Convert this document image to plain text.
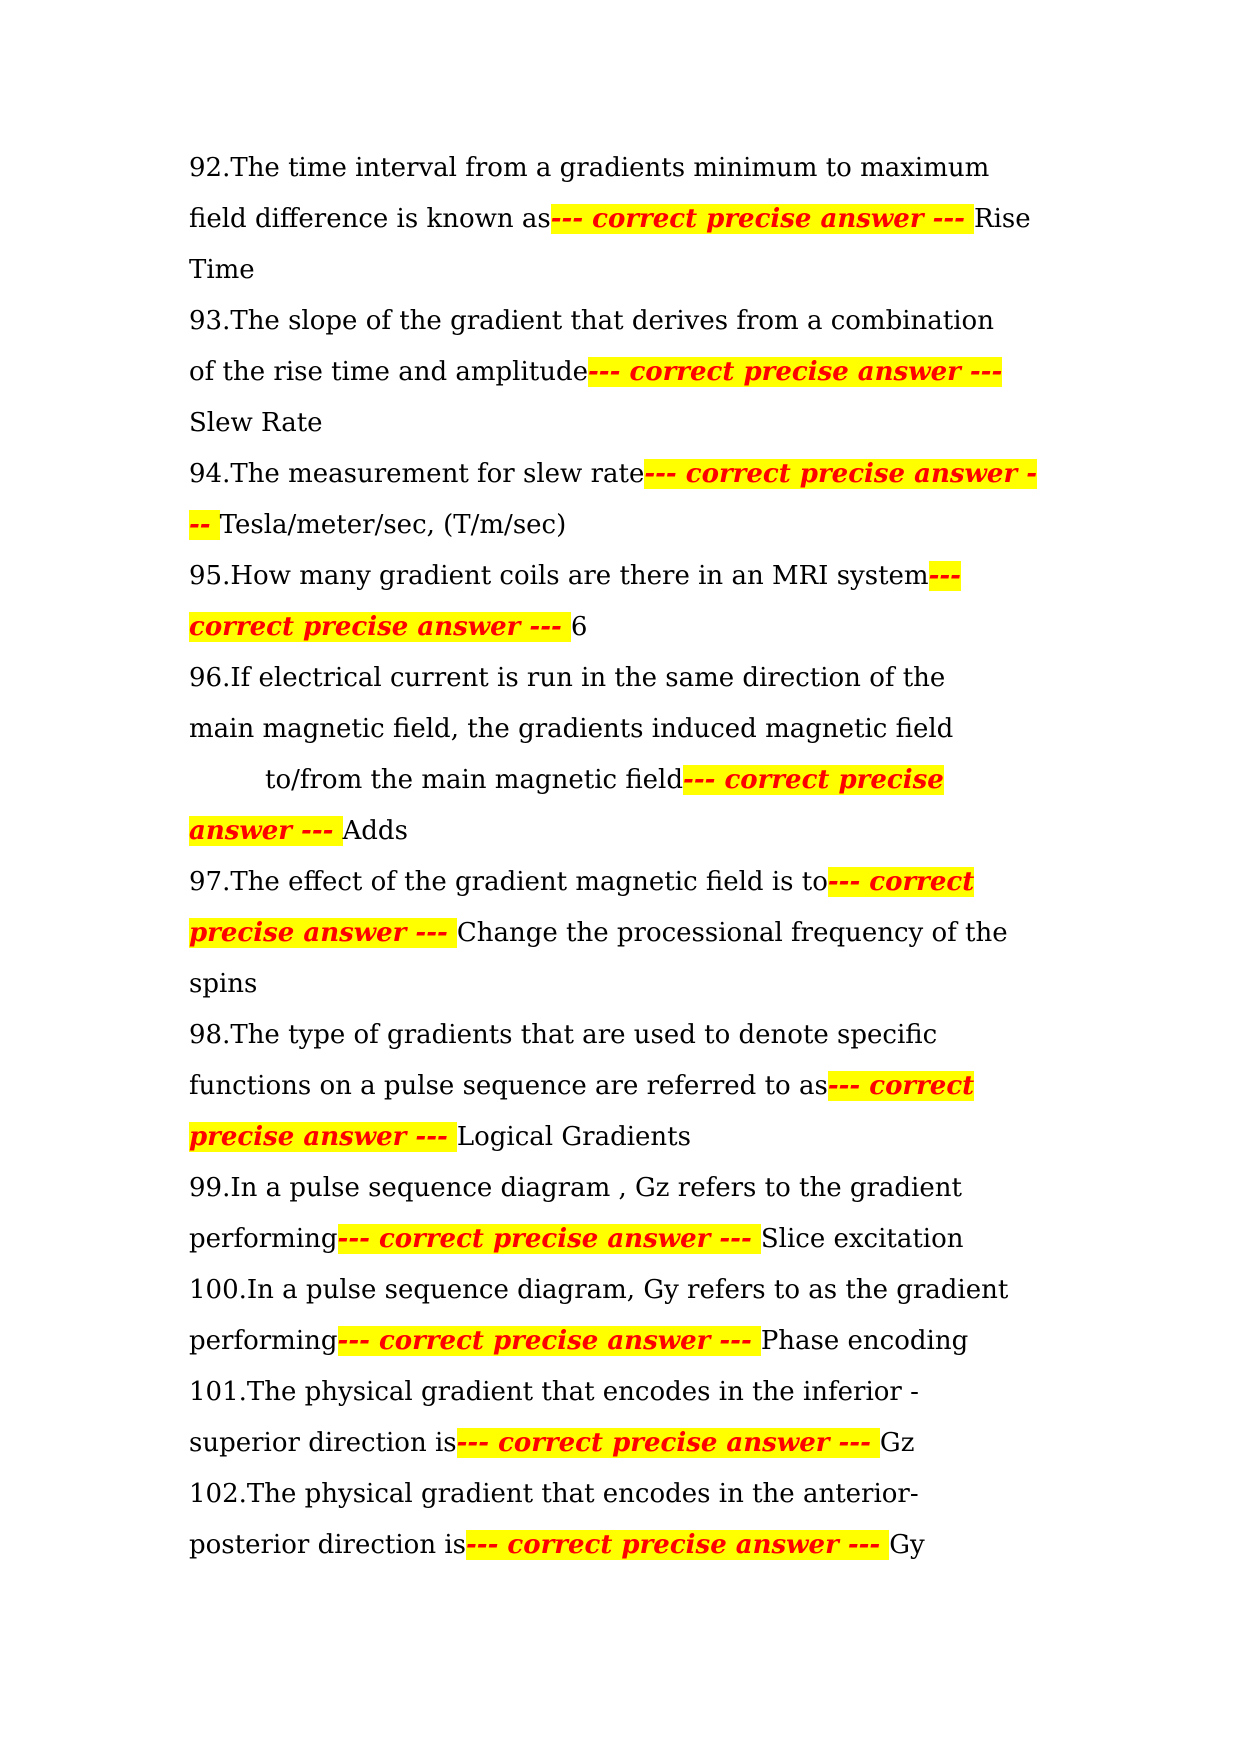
92.The time interval from a gradients minimum to maximum
field difference is known as--- correct precise answer --- Rise
Time
93.The slope of the gradient that derives from a combination
of the rise time and amplitude--- correct precise answer ---
Slew Rate
94.The measurement for slew rate--- correct precise answer -
-- Tesla/meter/sec, (T/m/sec)
95.How many gradient coils are there in an MRI system---
correct precise answer --- 6
96.If electrical current is run in the same direction of the
main magnetic field, the gradients induced magnetic field
to/from the main magnetic field--- correct precise
answer --- Adds
97.The effect of the gradient magnetic field is to--- correct
precise answer --- Change the processional frequency of the
spins
98.The type of gradients that are used to denote specific
functions on a pulse sequence are referred to as--- correct
precise answer --- Logical Gradients
99.In a pulse sequence diagram , Gz refers to the gradient
performing--- correct precise answer --- Slice excitation
100.In a pulse sequence diagram, Gy refers to as the gradient
performing--- correct precise answer --- Phase encoding
101.The physical gradient that encodes in the inferior -
superior direction is--- correct precise answer --- Gz
102.The physical gradient that encodes in the anterior-
posterior direction is--- correct precise answer --- Gy
